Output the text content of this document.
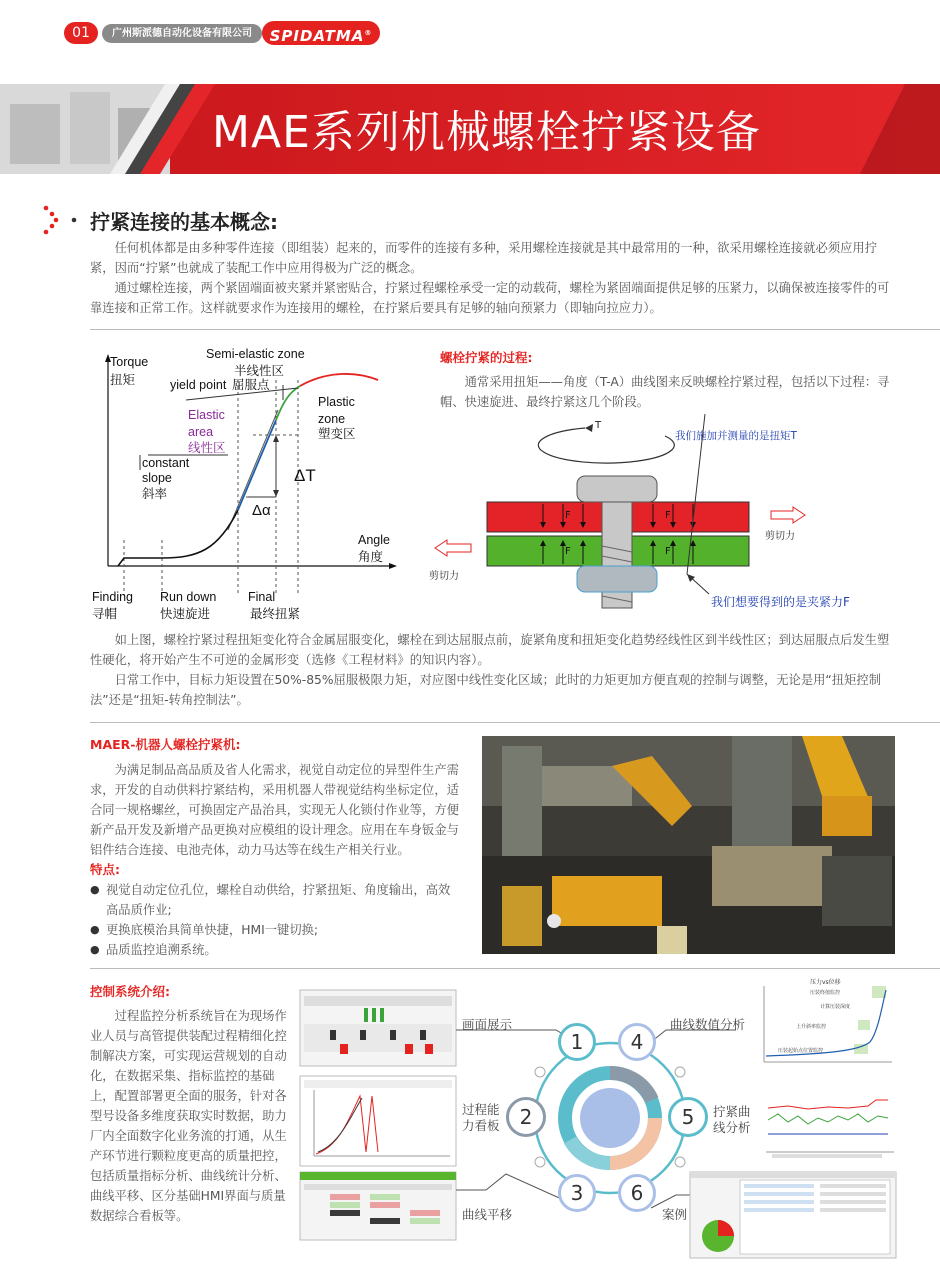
01	广州斯派德自动化设备有限公司	SPIDATMA®
MAE系列机械螺栓拧紧设备
拧紧连接的基本概念:

任何机体都是由多种零件连接（即组装）起来的，而零件的连接有多种，采用螺栓连接就是其中最常用的一种，欲采用螺栓连接就必须应用拧紧，因而“拧紧”也就成了装配工作中应用得极为广泛的概念。

通过螺栓连接，两个紧固端面被夹紧并紧密贴合，拧紧过程螺栓承受一定的动载荷，螺栓为紧固端面提供足够的压紧力，以确保被连接零件的可靠连接和正常工作。这样就要求作为连接用的螺栓，在拧紧后要具有足够的轴向预紧力（即轴向拉应力）。

Torque
扭矩
Semi-elastic zone
半线性区
yield point 屈服点
Elastic
area
线性区
Plastic
zone
塑变区
constant
slope
斜率
ΔT
Δα
Angle
角度
Finding
寻帽
Run down
快速旋进
Final
最终扭紧
螺栓拧紧的过程:

通常采用扭矩——角度（T-A）曲线图来反映螺栓拧紧过程，包括以下过程：寻帽、快速旋进、最终拧紧这几个阶段。

T
我们施加并测量的是扭矩T
F	F
F	F
剪切力
剪切力
我们想要得到的是夹紧力F

如上图，螺栓拧紧过程扭矩变化符合金属屈服变化，螺栓在到达屈服点前，旋紧角度和扭矩变化趋势经线性区到半线性区；到达屈服点后发生塑性硬化，将开始产生不可逆的金属形变（选修《工程材料》的知识内容）。

日常工作中，目标力矩设置在50%-85%屈服极限力矩，对应图中线性变化区域；此时的力矩更加方便直观的控制与调整，无论是用“扭矩控制法”还是“扭矩-转角控制法”。

MAER-机器人螺栓拧紧机:

为满足制品高品质及省人化需求，视觉自动定位的异型件生产需求，开发的自动供料拧紧结构，采用机器人带视觉结构坐标定位，适合同一规格螺丝，可换固定产品治具，实现无人化锁付作业等，方便新产品开发及新增产品更换对应模组的设计理念。应用在车身钣金与铝件结合连接、电池壳体，动力马达等在线生产相关行业。

特点:
● 视觉自动定位孔位，螺栓自动供给，拧紧扭矩、角度输出，高效高品质作业;
● 更换底模治具简单快捷，HMI一键切换;
● 品质监控追溯系统。
控制系统介绍:

过程监控分析系统旨在为现场作业人员与高管提供装配过程精细化控制解决方案，可实现运营规划的自动化，在数据采集、指标监控的基础上，配置部署更全面的服务，针对各型号设备多维度获取实时数据，助力厂内全面数字化业务流的打通，从生产环节进行颗粒度更高的质量把控，包括质量指标分析、曲线统计分析、曲线平移、区分基础HMI界面与质量数据综合看板等。

1	4
2	5
3	6
画面展示
过程能力看板
曲线平移
曲线数值分析
拧紧曲线分析
案例
压力vs位移
压装终值监控
计算压装深度
上升斜率监控
压装起始点位置监控
